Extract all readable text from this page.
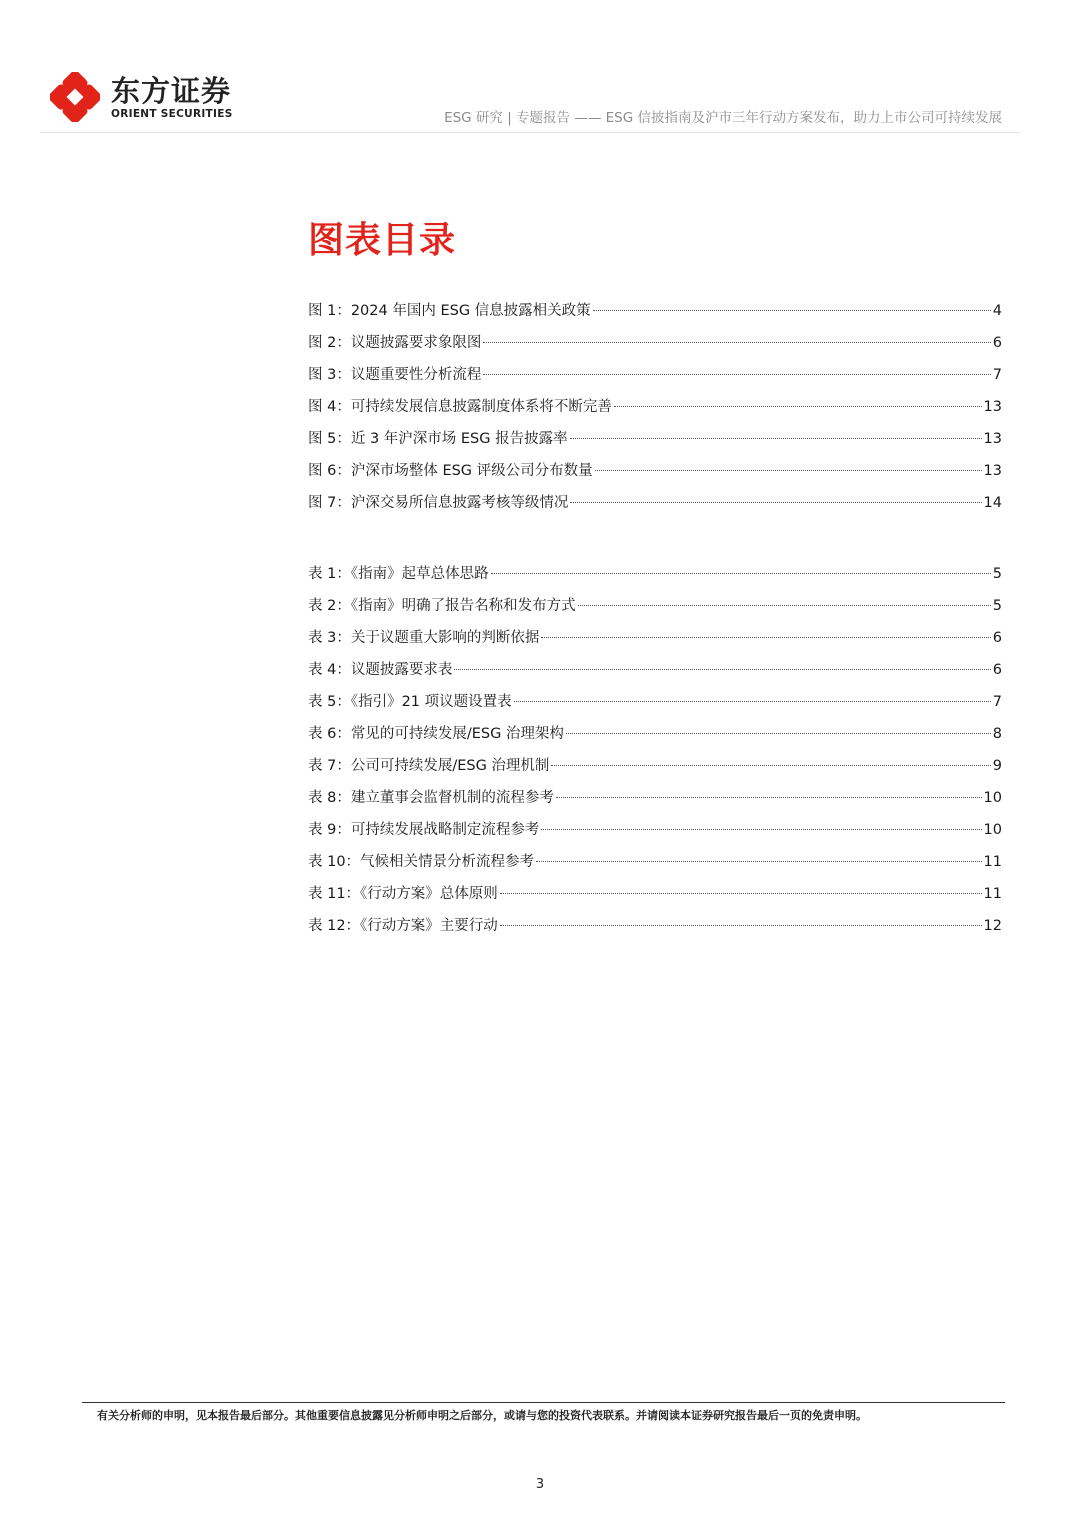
东方证券
ORIENT SECURITIES	ESG 研究 | 专题报告 —— ESG 信披指南及沪市三年行动方案发布，助力上市公司可持续发展
图表目录
图 1：2024 年国内 ESG 信息披露相关政策	4
图 2：议题披露要求象限图	6
图 3：议题重要性分析流程	7
图 4：可持续发展信息披露制度体系将不断完善	13
图 5：近 3 年沪深市场 ESG 报告披露率	13
图 6：沪深市场整体 ESG 评级公司分布数量	13
图 7：沪深交易所信息披露考核等级情况	14
表 1：《指南》起草总体思路	5
表 2：《指南》明确了报告名称和发布方式	5
表 3：关于议题重大影响的判断依据	6
表 4：议题披露要求表	6
表 5：《指引》21 项议题设置表	7
表 6：常见的可持续发展/ESG 治理架构	8
表 7：公司可持续发展/ESG 治理机制	9
表 8：建立董事会监督机制的流程参考	10
表 9：可持续发展战略制定流程参考	10
表 10：气候相关情景分析流程参考	11
表 11：《行动方案》总体原则	11
表 12：《行动方案》主要行动	12
有关分析师的申明，见本报告最后部分。其他重要信息披露见分析师申明之后部分，或请与您的投资代表联系。并请阅读本证券研究报告最后一页的免责申明。
3
